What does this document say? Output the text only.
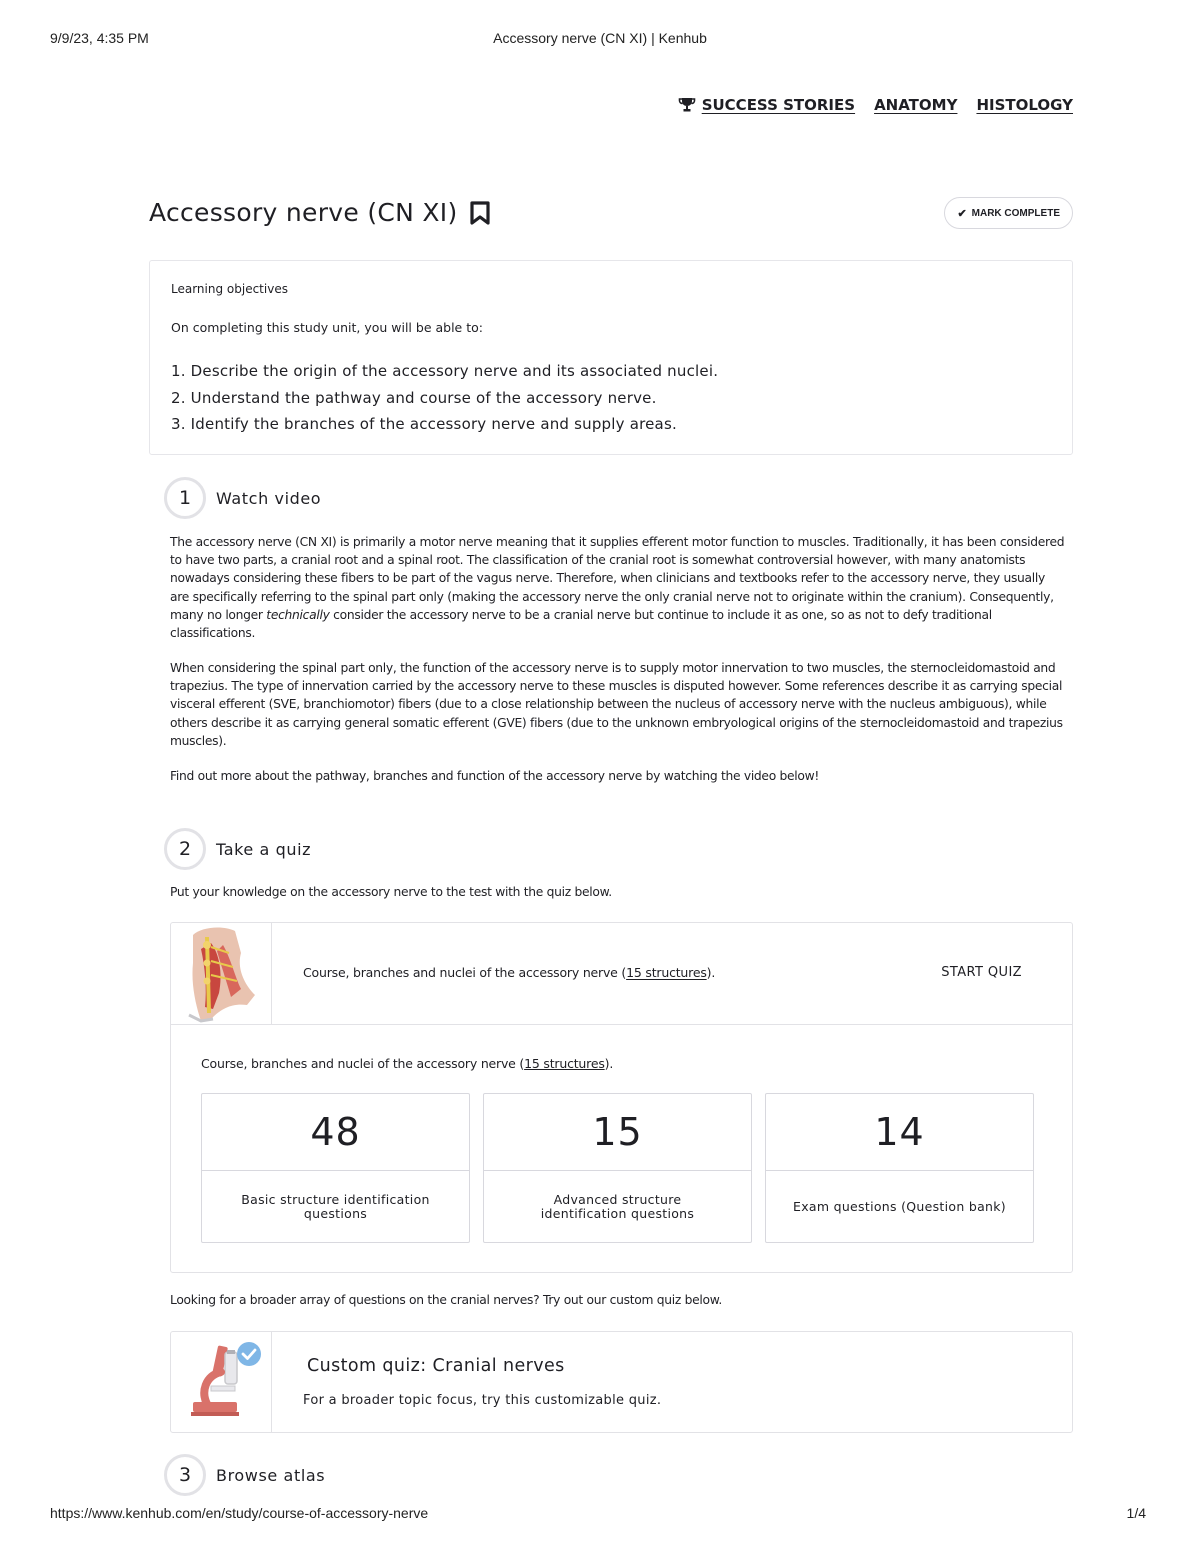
9/9/23, 4:35 PM	Accessory nerve (CN XI) | Kenhub
SUCCESS STORIES ANATOMY HISTOLOGY
Accessory nerve (CN XI)	✔ MARK COMPLETE
Learning objectives
On completing this study unit, you will be able to:
1. Describe the origin of the accessory nerve and its associated nuclei.
2. Understand the pathway and course of the accessory nerve.
3. Identify the branches of the accessory nerve and supply areas.
1	Watch video

The accessory nerve (CN XI) is primarily a motor nerve meaning that it supplies efferent motor function to muscles. Traditionally, it has been considered to have two parts, a cranial root and a spinal root. The classification of the cranial root is somewhat controversial however, with many anatomists nowadays considering these fibers to be part of the vagus nerve. Therefore, when clinicians and textbooks refer to the accessory nerve, they usually are specifically referring to the spinal part only (making the accessory nerve the only cranial nerve not to originate within the cranium). Consequently, many no longer technically consider the accessory nerve to be a cranial nerve but continue to include it as one, so as not to defy traditional classifications.

When considering the spinal part only, the function of the accessory nerve is to supply motor innervation to two muscles, the sternocleidomastoid and trapezius. The type of innervation carried by the accessory nerve to these muscles is disputed however. Some references describe it as carrying special visceral efferent (SVE, branchiomotor) fibers (due to a close relationship between the nucleus of accessory nerve with the nucleus ambiguous), while others describe it as carrying general somatic efferent (GVE) fibers (due to the unknown embryological origins of the sternocleidomastoid and trapezius muscles).

Find out more about the pathway, branches and function of the accessory nerve by watching the video below!

2	Take a quiz

Put your knowledge on the accessory nerve to the test with the quiz below.

Course, branches and nuclei of the accessory nerve (15 structures).	START QUIZ
Course, branches and nuclei of the accessory nerve (15 structures).
48
Basic structure identification questions
15
Advanced structure identification questions
14
Exam questions (Question bank)

Looking for a broader array of questions on the cranial nerves? Try out our custom quiz below.

Custom quiz: Cranial nerves
For a broader topic focus, try this customizable quiz.
3	Browse atlas
https://www.kenhub.com/en/study/course-of-accessory-nerve	1/4
